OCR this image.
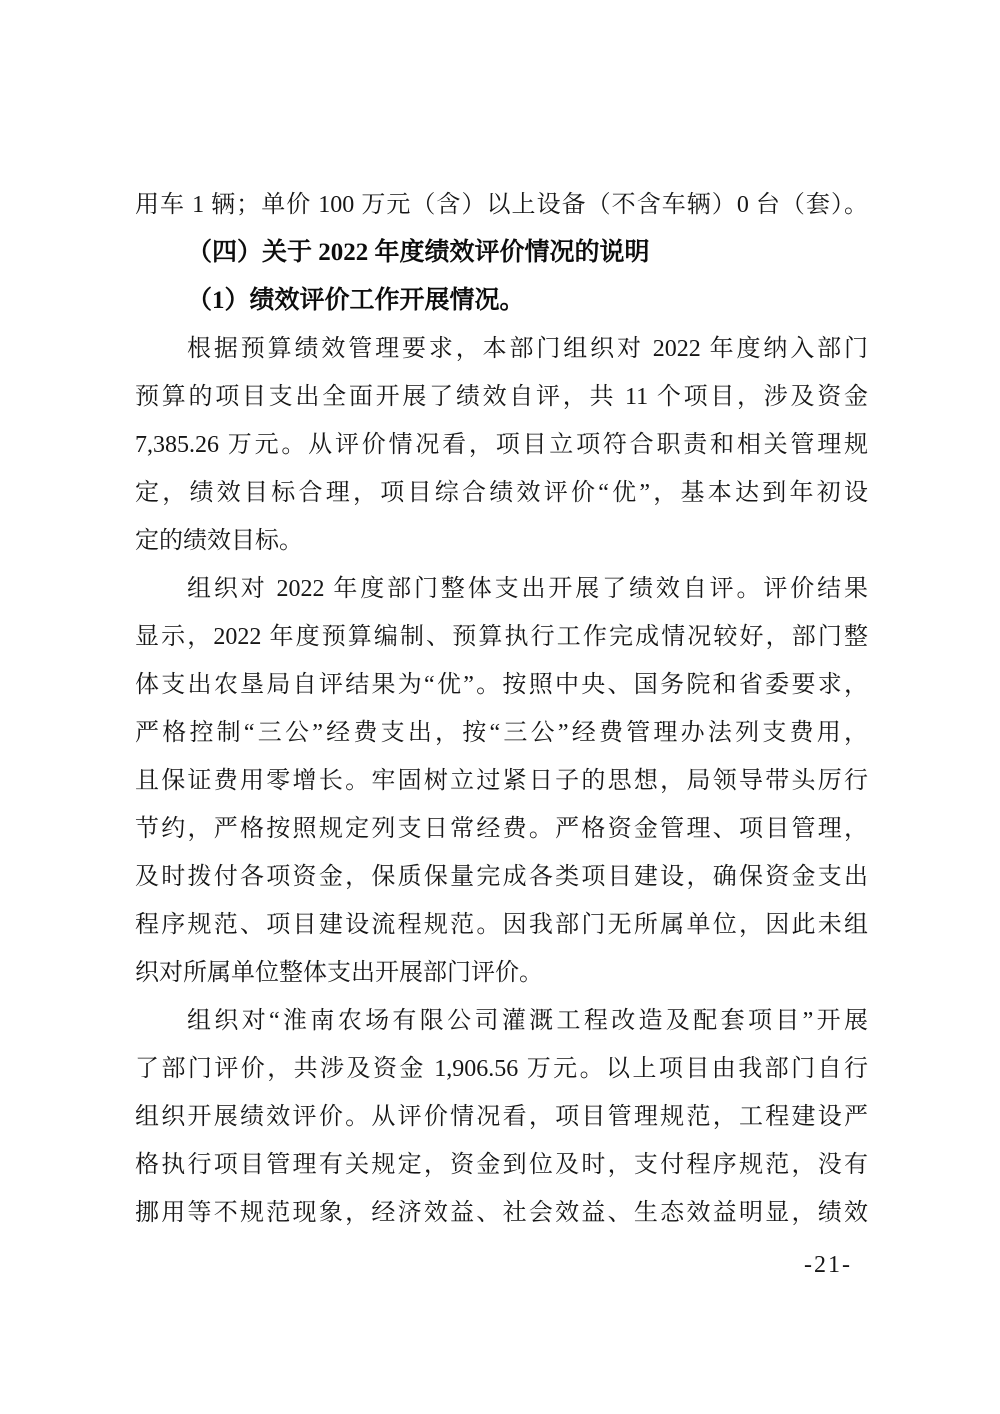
用车 1 辆；单价 100 万元（含）以上设备（不含车辆）0 台（套）。
（四）关于 2022 年度绩效评价情况的说明
（1）绩效评价工作开展情况。
根据预算绩效管理要求，本部门组织对 2022 年度纳入部门
预算的项目支出全面开展了绩效自评，共 11 个项目，涉及资金
7,385.26 万元。从评价情况看，项目立项符合职责和相关管理规
定，绩效目标合理，项目综合绩效评价“优”，基本达到年初设
定的绩效目标。
组织对 2022 年度部门整体支出开展了绩效自评。评价结果
显示，2022 年度预算编制、预算执行工作完成情况较好，部门整
体支出农垦局自评结果为“优”。按照中央、国务院和省委要求，
严格控制“三公”经费支出，按“三公”经费管理办法列支费用，
且保证费用零增长。牢固树立过紧日子的思想，局领导带头厉行
节约，严格按照规定列支日常经费。严格资金管理、项目管理，
及时拨付各项资金，保质保量完成各类项目建设，确保资金支出
程序规范、项目建设流程规范。因我部门无所属单位，因此未组
织对所属单位整体支出开展部门评价。
组织对“淮南农场有限公司灌溉工程改造及配套项目”开展
了部门评价，共涉及资金 1,906.56 万元。以上项目由我部门自行
组织开展绩效评价。从评价情况看，项目管理规范，工程建设严
格执行项目管理有关规定，资金到位及时，支付程序规范，没有
挪用等不规范现象，经济效益、社会效益、生态效益明显，绩效
-21-
